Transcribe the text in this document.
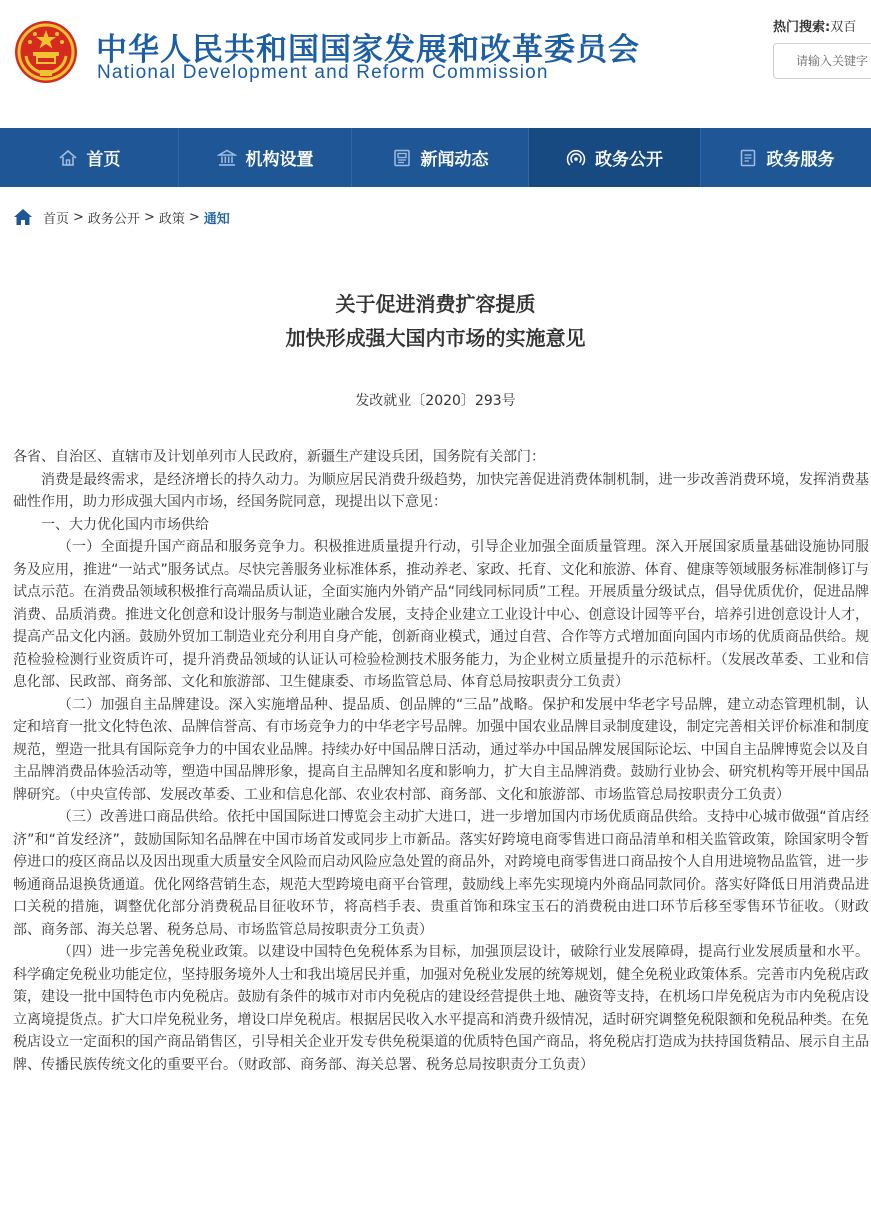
中华人民共和国国家发展和改革委员会
National Development and Reform Commission
热门搜索:双百
请输入关键字
首页	机构设置	新闻动态	政务公开	政务服务
首页 > 政务公开 > 政策 > 通知
关于促进消费扩容提质
加快形成强大国内市场的实施意见
发改就业〔2020〕293号

各省、自治区、直辖市及计划单列市人民政府，新疆生产建设兵团，国务院有关部门：

消费是最终需求，是经济增长的持久动力。为顺应居民消费升级趋势，加快完善促进消费体制机制，进一步改善消费环境，发挥消费基础性作用，助力形成强大国内市场，经国务院同意，现提出以下意见：

一、大力优化国内市场供给

（一）全面提升国产商品和服务竞争力。积极推进质量提升行动，引导企业加强全面质量管理。深入开展国家质量基础设施协同服务及应用，推进“一站式”服务试点。尽快完善服务业标准体系，推动养老、家政、托育、文化和旅游、体育、健康等领域服务标准制修订与试点示范。在消费品领域积极推行高端品质认证，全面实施内外销产品“同线同标同质”工程。开展质量分级试点，倡导优质优价，促进品牌消费、品质消费。推进文化创意和设计服务与制造业融合发展，支持企业建立工业设计中心、创意设计园等平台，培养引进创意设计人才，提高产品文化内涵。鼓励外贸加工制造业充分利用自身产能，创新商业模式，通过自营、合作等方式增加面向国内市场的优质商品供给。规范检验检测行业资质许可，提升消费品领域的认证认可检验检测技术服务能力，为企业树立质量提升的示范标杆。（发展改革委、工业和信息化部、民政部、商务部、文化和旅游部、卫生健康委、市场监管总局、体育总局按职责分工负责）

（二）加强自主品牌建设。深入实施增品种、提品质、创品牌的“三品”战略。保护和发展中华老字号品牌，建立动态管理机制，认定和培育一批文化特色浓、品牌信誉高、有市场竞争力的中华老字号品牌。加强中国农业品牌目录制度建设，制定完善相关评价标准和制度规范，塑造一批具有国际竞争力的中国农业品牌。持续办好中国品牌日活动，通过举办中国品牌发展国际论坛、中国自主品牌博览会以及自主品牌消费品体验活动等，塑造中国品牌形象，提高自主品牌知名度和影响力，扩大自主品牌消费。鼓励行业协会、研究机构等开展中国品牌研究。（中央宣传部、发展改革委、工业和信息化部、农业农村部、商务部、文化和旅游部、市场监管总局按职责分工负责）

（三）改善进口商品供给。依托中国国际进口博览会主动扩大进口，进一步增加国内市场优质商品供给。支持中心城市做强“首店经济”和“首发经济”，鼓励国际知名品牌在中国市场首发或同步上市新品。落实好跨境电商零售进口商品清单和相关监管政策，除国家明令暂停进口的疫区商品以及因出现重大质量安全风险而启动风险应急处置的商品外，对跨境电商零售进口商品按个人自用进境物品监管，进一步畅通商品退换货通道。优化网络营销生态，规范大型跨境电商平台管理，鼓励线上率先实现境内外商品同款同价。落实好降低日用消费品进口关税的措施，调整优化部分消费税品目征收环节，将高档手表、贵重首饰和珠宝玉石的消费税由进口环节后移至零售环节征收。（财政部、商务部、海关总署、税务总局、市场监管总局按职责分工负责）

（四）进一步完善免税业政策。以建设中国特色免税体系为目标，加强顶层设计，破除行业发展障碍，提高行业发展质量和水平。科学确定免税业功能定位，坚持服务境外人士和我出境居民并重，加强对免税业发展的统筹规划，健全免税业政策体系。完善市内免税店政策，建设一批中国特色市内免税店。鼓励有条件的城市对市内免税店的建设经营提供土地、融资等支持，在机场口岸免税店为市内免税店设立离境提货点。扩大口岸免税业务，增设口岸免税店。根据居民收入水平提高和消费升级情况，适时研究调整免税限额和免税品种类。在免税店设立一定面积的国产商品销售区，引导相关企业开发专供免税渠道的优质特色国产商品，将免税店打造成为扶持国货精品、展示自主品牌、传播民族传统文化的重要平台。（财政部、商务部、海关总署、税务总局按职责分工负责）
